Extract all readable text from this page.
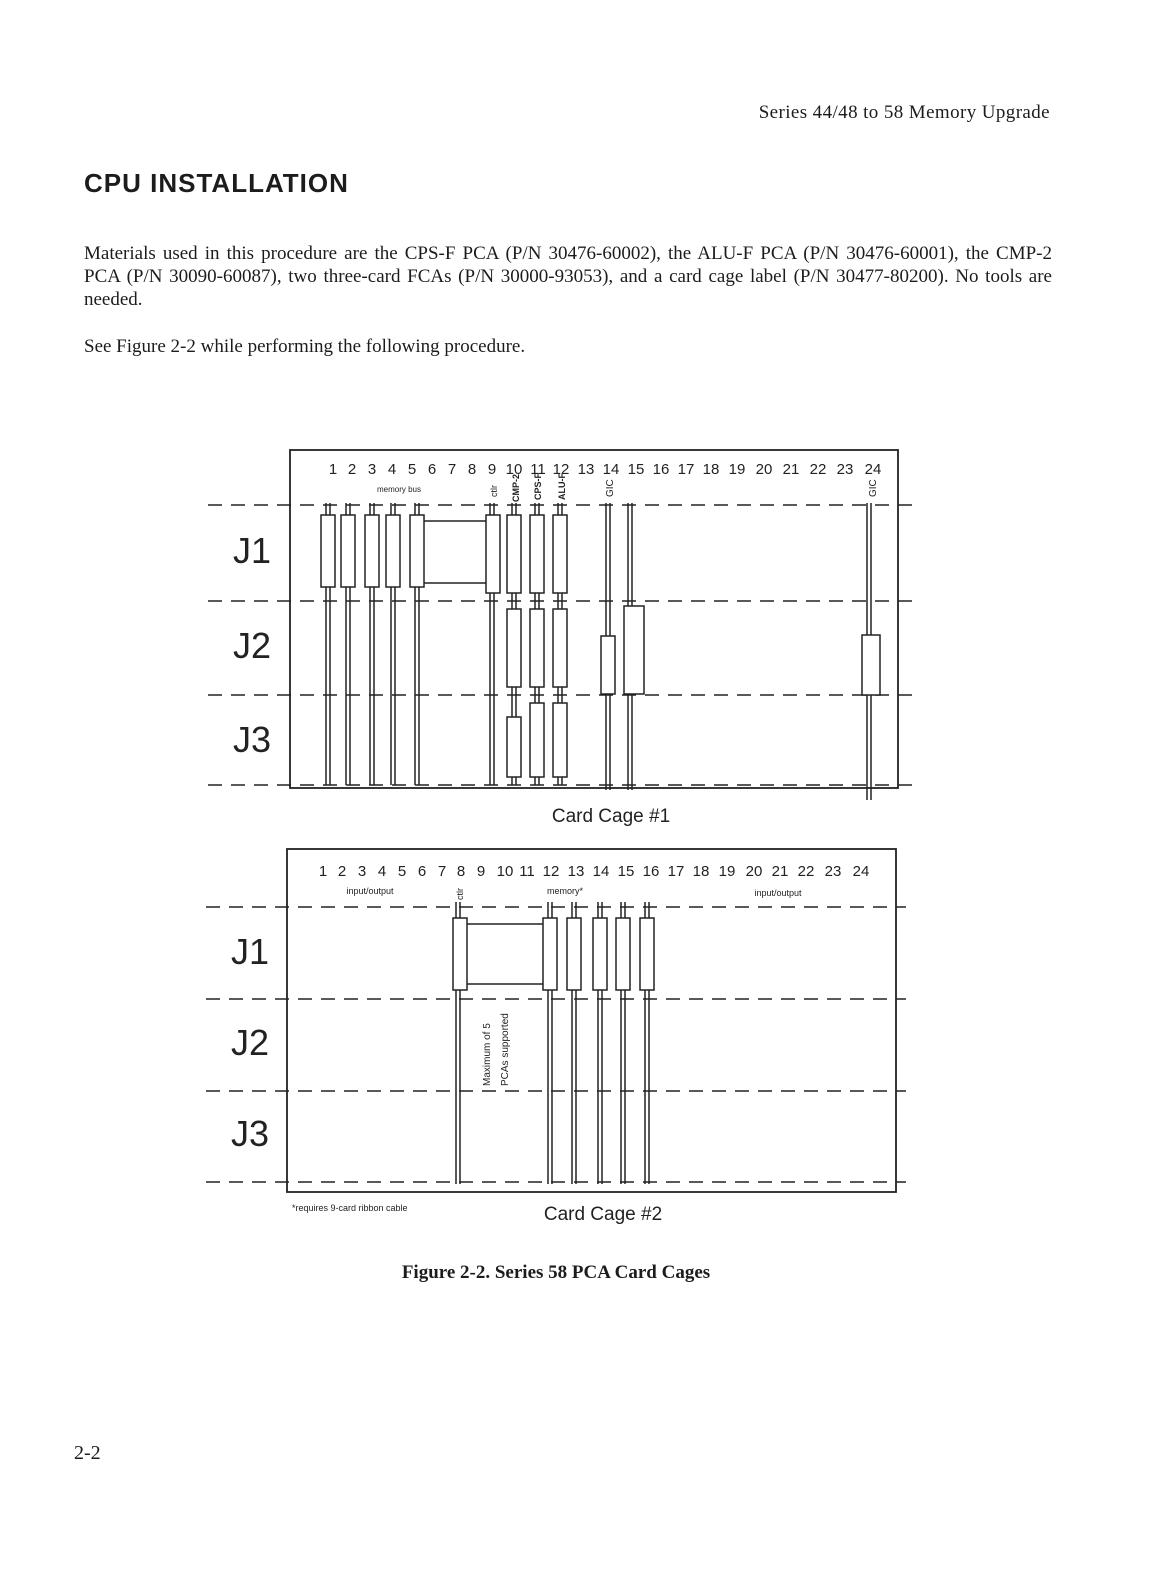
Series 44/48 to 58 Memory Upgrade
CPU INSTALLATION

Materials used in this procedure are the CPS-F PCA (P/N 30476-60002), the ALU-F PCA (P/N 30476-60001), the CMP-2 PCA (P/N 30090-60087), two three-card FCAs (P/N 30000-93053), and a card cage label (P/N 30477-80200). No tools are needed.

See Figure 2-2 while performing the following procedure.

J1
J2
J3
1 2 3 4 5 6 7 8 9 10 11 12 13 14 15 16 17 18 19 20 21 22 23 24
memory bus	ctlr CMP-2 CPS-F ALU-F	GIC	GIC
Card Cage #1
J1
J2
J3
1 2 3 4 5 6 7 8 9 10 11 12 13 14 15 16 17 18 19 20 21 22 23 24
input/output	ctlr	memory*	input/output
Maximum of 5 PCAs supported
*requires 9-card ribbon cable	Card Cage #2
Figure 2-2. Series 58 PCA Card Cages
2-2
